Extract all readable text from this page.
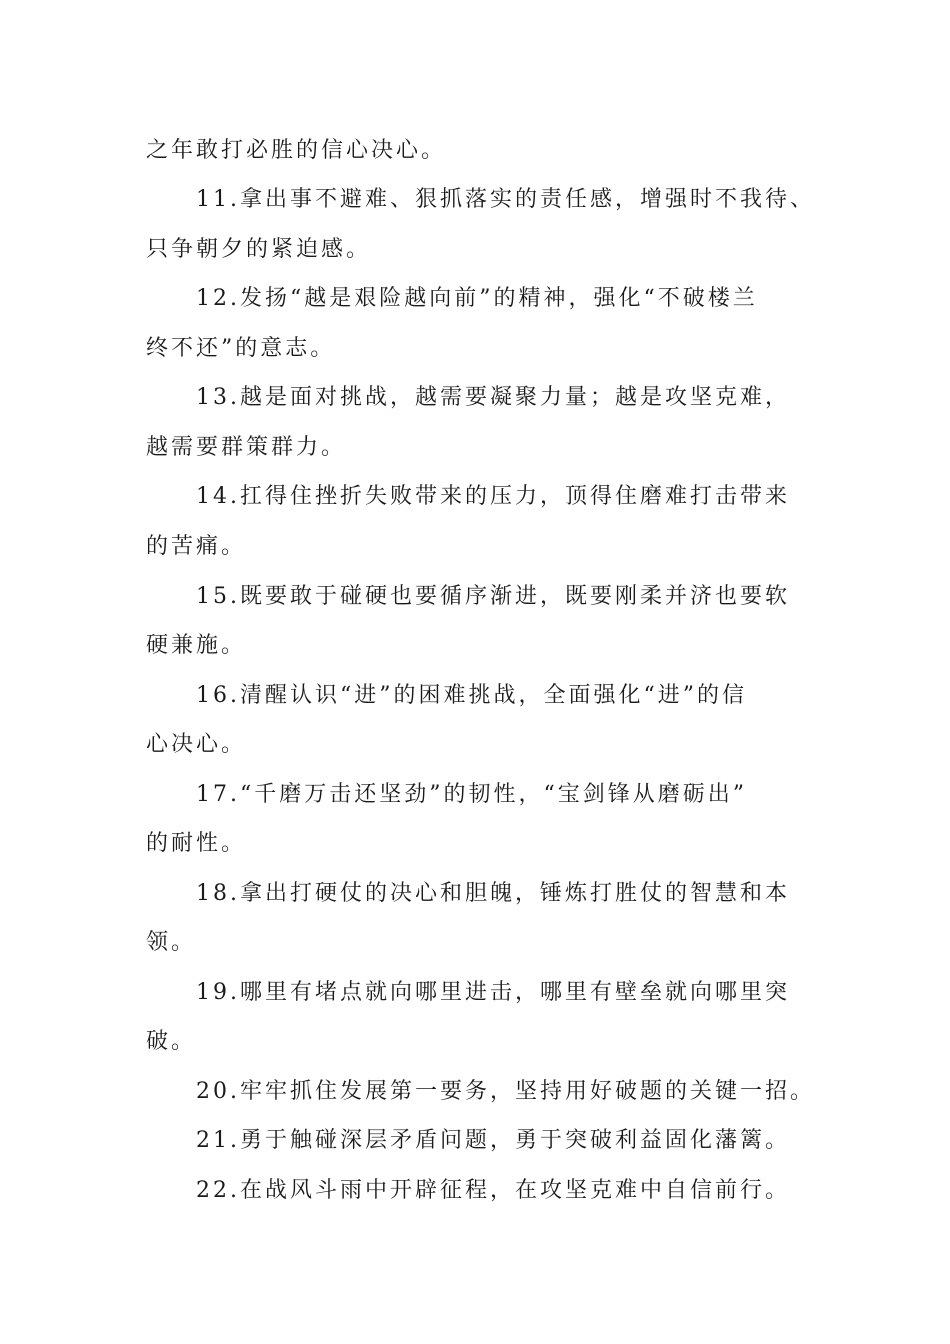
之年敢打必胜的信心决心。
11.拿出事不避难、狠抓落实的责任感，增强时不我待、
只争朝夕的紧迫感。
12.发扬“越是艰险越向前”的精神，强化“不破楼兰
终不还”的意志。
13.越是面对挑战，越需要凝聚力量；越是攻坚克难，
越需要群策群力。
14.扛得住挫折失败带来的压力，顶得住磨难打击带来
的苦痛。
15.既要敢于碰硬也要循序渐进，既要刚柔并济也要软
硬兼施。
16.清醒认识“进”的困难挑战，全面强化“进”的信
心决心。
17.“千磨万击还坚劲”的韧性，“宝剑锋从磨砺出”
的耐性。
18.拿出打硬仗的决心和胆魄，锤炼打胜仗的智慧和本
领。
19.哪里有堵点就向哪里进击，哪里有壁垒就向哪里突
破。
20.牢牢抓住发展第一要务，坚持用好破题的关键一招。
21.勇于触碰深层矛盾问题，勇于突破利益固化藩篱。
22.在战风斗雨中开辟征程，在攻坚克难中自信前行。
